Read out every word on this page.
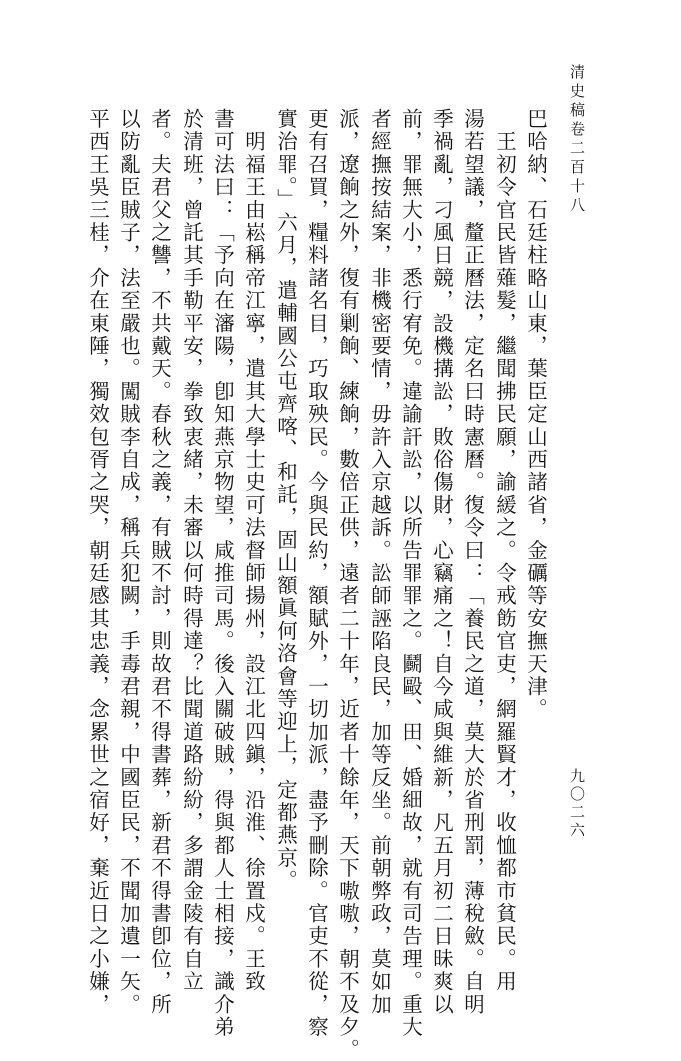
清史稿卷二百十八
九〇二六
巴哈納、石廷柱略山東，葉臣定山西諸省，金礪等安撫天津。
　王初令官民皆薙髮，繼聞拂民願，諭緩之。令戒飭官吏，網羅賢才，收恤都市貧民。用
湯若望議，釐正曆法，定名曰時憲曆。復令曰：「養民之道，莫大於省刑罰，薄稅斂。自明
季禍亂，刁風日競，設機搆訟，敗俗傷財，心竊痛之！自今咸與維新，凡五月初二日昧爽以
前，罪無大小，悉行宥免。違諭訐訟，以所告罪罪之。鬬毆、田、婚細故，就有司告理。重大
者經撫按結案，非機密要情，毋許入京越訴。訟師誣陷良民，加等反坐。前朝弊政，莫如加
派，遼餉之外，復有剿餉、練餉，數倍正供，遠者二十年，近者十餘年，天下嗷嗷，朝不及夕。
更有召買，糧料諸名目，巧取殃民。今與民約，額賦外，一切加派，盡予刪除。官吏不從，察
實治罪。」六月，遣輔國公屯齊喀、和託，固山額眞何洛會等迎上，定都燕京。
　明福王由崧稱帝江寧，遣其大學士史可法督師揚州，設江北四鎭，沿淮、徐置戍。王致
書可法曰：「予向在瀋陽，卽知燕京物望，咸推司馬。後入關破賊，得與都人士相接，識介弟
於清班，曾託其手勒平安，拳致衷緒，未審以何時得達？比聞道路紛紛，多謂金陵有自立
者。夫君父之讐，不共戴天。春秋之義，有賊不討，則故君不得書葬，新君不得書卽位，所
以防亂臣賊子，法至嚴也。闖賊李自成，稱兵犯闕，手毒君親，中國臣民，不聞加遺一矢。
平西王吳三桂，介在東陲，獨效包胥之哭，朝廷感其忠義，念累世之宿好，棄近日之小嫌，
